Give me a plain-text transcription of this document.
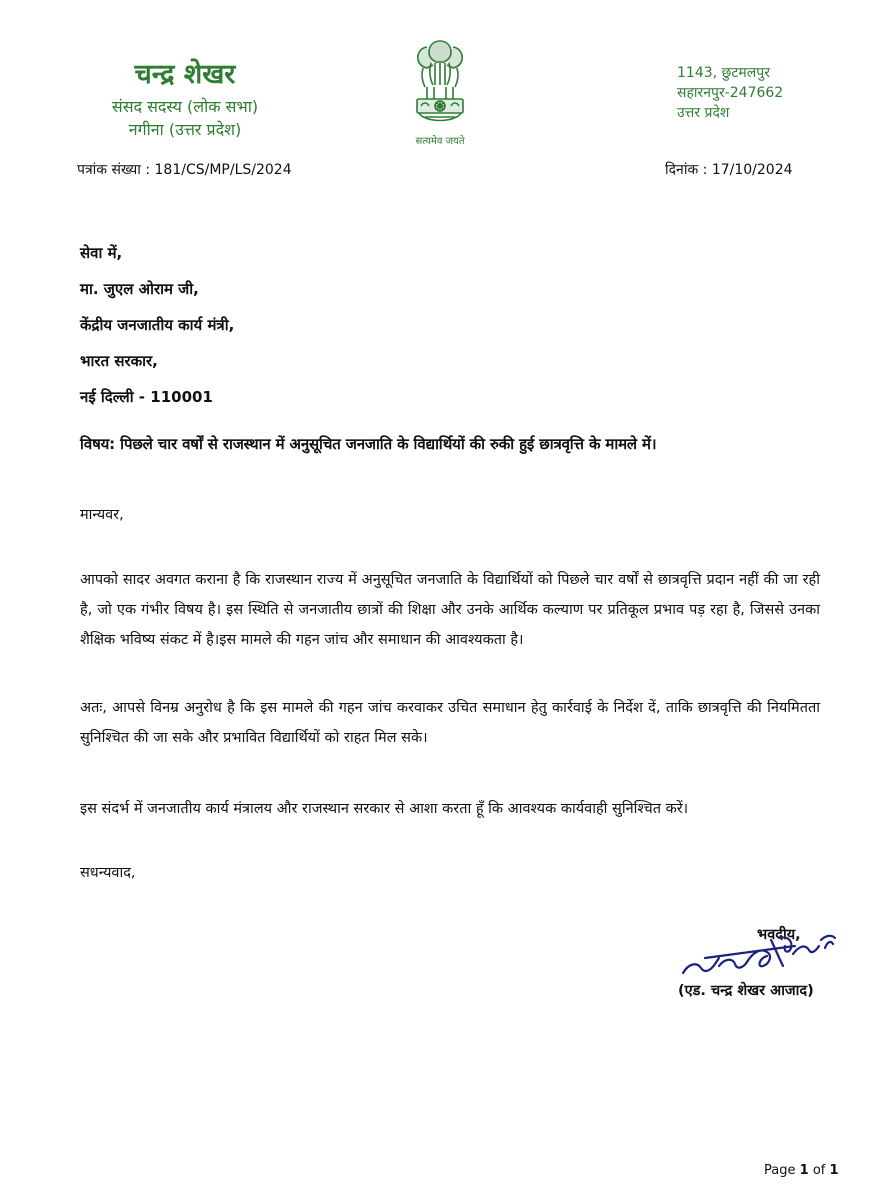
चन्द्र शेखर
संसद सदस्य (लोक सभा)
नगीना (उत्तर प्रदेश)
सत्यमेव जयते
1143, छुटमलपुर
सहारनपुर-247662
उत्तर प्रदेश
पत्रांक संख्या : 181/CS/MP/LS/2024	दिनांक : 17/10/2024
सेवा में,
मा. जुएल ओराम जी,
केंद्रीय जनजातीय कार्य मंत्री,
भारत सरकार,
नई दिल्ली - 110001
विषय: पिछले चार वर्षों से राजस्थान में अनुसूचित जनजाति के विद्यार्थियों की रुकी हुई छात्रवृत्ति के मामले में।
मान्यवर,
आपको सादर अवगत कराना है कि राजस्थान राज्य में अनुसूचित जनजाति के विद्यार्थियों को पिछले चार वर्षों से छात्रवृत्ति प्रदान नहीं की जा रही है, जो एक गंभीर विषय है। इस स्थिति से जनजातीय छात्रों की शिक्षा और उनके आर्थिक कल्याण पर प्रतिकूल प्रभाव पड़ रहा है, जिससे उनका शैक्षिक भविष्य संकट में है।इस मामले की गहन जांच और समाधान की आवश्यकता है।
अतः, आपसे विनम्र अनुरोध है कि इस मामले की गहन जांच करवाकर उचित समाधान हेतु कार्रवाई के निर्देश दें, ताकि छात्रवृत्ति की नियमितता सुनिश्चित की जा सके और प्रभावित विद्यार्थियों को राहत मिल सके।
इस संदर्भ में जनजातीय कार्य मंत्रालय और राजस्थान सरकार से आशा करता हूँ कि आवश्यक कार्यवाही सुनिश्चित करें।
सधन्यवाद,
भवदीय,
(एड. चन्द्र शेखर आजाद)
Page 1 of 1
